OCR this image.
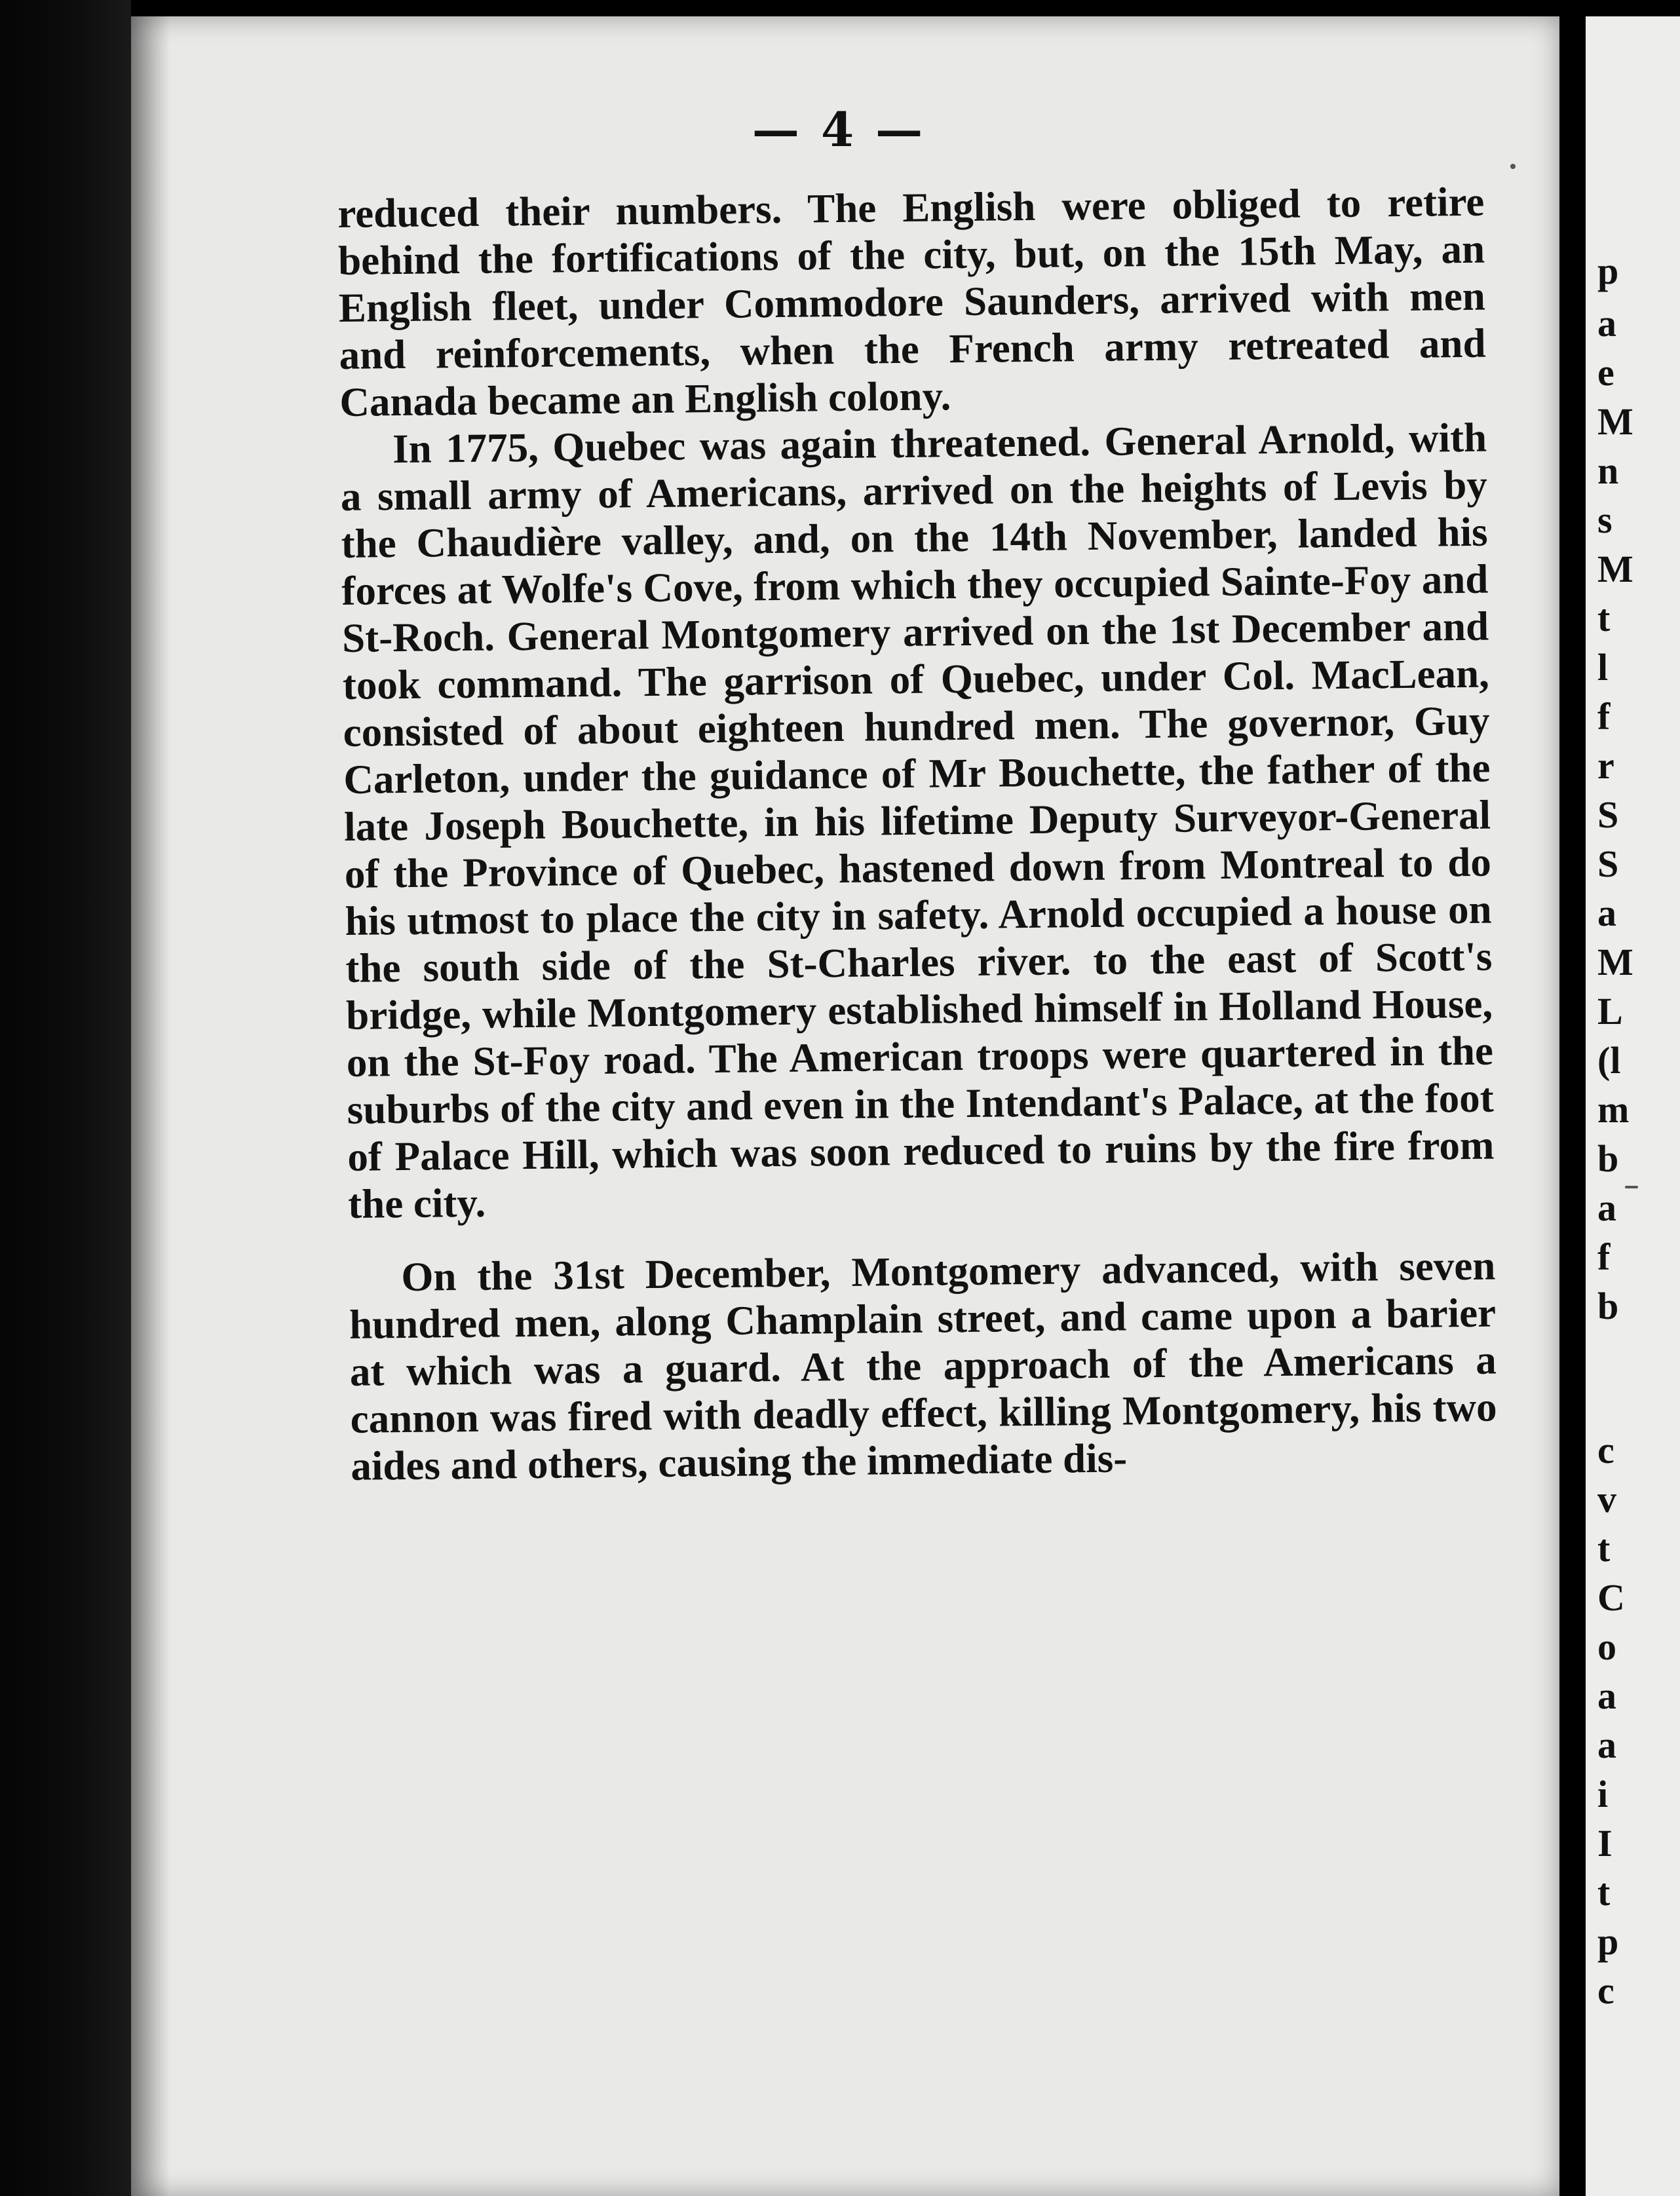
— 4 —

reduced their numbers. The English were obliged to retire behind the fortifications of the city, but, on the 15th May, an English fleet, under Commodore Saunders, arrived with men and reinforcements, when the French army retreated and Canada became an English colony.

In 1775, Quebec was again threatened. General Arnold, with a small army of Americans, arrived on the heights of Levis by the Chaudière valley, and, on the 14th November, landed his forces at Wolfe's Cove, from which they occupied Sainte-Foy and St-Roch. General Montgomery arrived on the 1st December and took command. The garrison of Quebec, under Col. MacLean, consisted of about eighteen hundred men. The governor, Guy Carleton, under the guidance of Mr Bouchette, the father of the late Joseph Bouchette, in his lifetime Deputy Surveyor-General of the Province of Quebec, hastened down from Montreal to do his utmost to place the city in safety. Arnold occupied a house on the south side of the St-Charles river. to the east of Scott's bridge, while Montgomery established himself in Holland House, on the St-Foy road. The American troops were quartered in the suburbs of the city and even in the Intendant's Palace, at the foot of Palace Hill, which was soon reduced to ruins by the fire from the city.

On the 31st December, Montgomery advanced, with seven hundred men, along Champlain street, and came upon a barier at which was a guard. At the approach of the Americans a cannon was fired with deadly effect, killing Montgomery, his two aides and others, causing the immediate dis-

p
a
e
M
n
s
M
t
l
f
r
S
S
a
M
L
(l
m
b
a
f
b
c
v
t
C
o
a
a
i
I
t
p
c
